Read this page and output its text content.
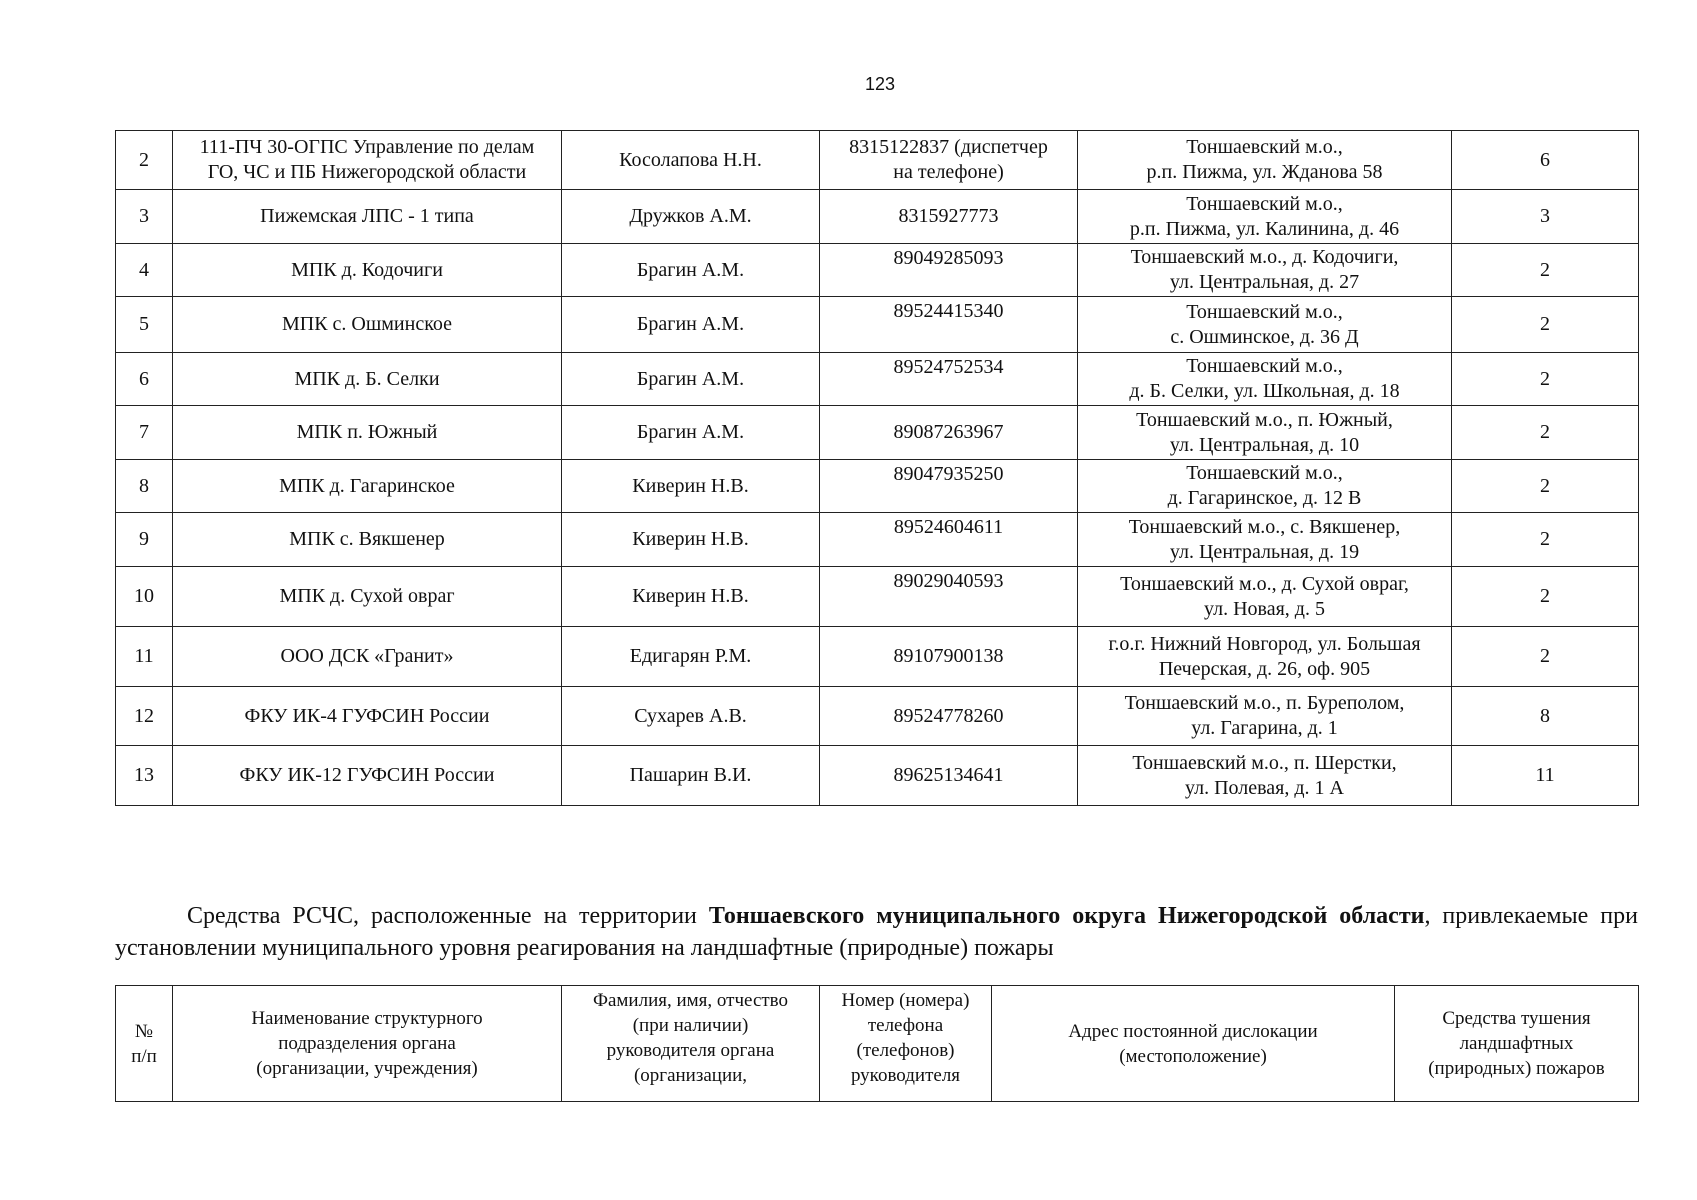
123
2	111-ПЧ 30-ОГПС Управление по делам
ГО, ЧС и ПБ Нижегородской области	Косолапова Н.Н.	8315122837 (диспетчер
на телефоне)	Тоншаевский м.о.,
р.п. Пижма, ул. Жданова 58	6
3	Пижемская ЛПС - 1 типа	Дружков А.М.	8315927773	Тоншаевский м.о.,
р.п. Пижма, ул. Калинина, д. 46	3
4	МПК д. Кодочиги	Брагин А.М.	89049285093	Тоншаевский м.о., д. Кодочиги,
ул. Центральная, д. 27	2
5	МПК с. Ошминское	Брагин А.М.	89524415340	Тоншаевский м.о.,
с. Ошминское, д. 36 Д	2
6	МПК д. Б. Селки	Брагин А.М.	89524752534	Тоншаевский м.о.,
д. Б. Селки, ул. Школьная, д. 18	2
7	МПК п. Южный	Брагин А.М.	89087263967	Тоншаевский м.о., п. Южный,
ул. Центральная, д. 10	2
8	МПК д. Гагаринское	Киверин Н.В.	89047935250	Тоншаевский м.о.,
д. Гагаринское, д. 12 В	2
9	МПК с. Вякшенер	Киверин Н.В.	89524604611	Тоншаевский м.о., с. Вякшенер,
ул. Центральная, д. 19	2
10	МПК д. Сухой овраг	Киверин Н.В.	89029040593	Тоншаевский м.о., д. Сухой овраг,
ул. Новая, д. 5	2
11	ООО ДСК «Гранит»	Едигарян Р.М.	89107900138	г.о.г. Нижний Новгород, ул. Большая
Печерская, д. 26, оф. 905	2
12	ФКУ ИК-4 ГУФСИН России	Сухарев А.В.	89524778260	Тоншаевский м.о., п. Буреполом,
ул. Гагарина, д. 1	8
13	ФКУ ИК-12 ГУФСИН России	Пашарин В.И.	89625134641	Тоншаевский м.о., п. Шерстки,
ул. Полевая, д. 1 А	11
Средства РСЧС, расположенные на территории Тоншаевского муниципального округа Нижегородской области, привлекаемые при установлении муниципального уровня реагирования на ландшафтные (природные) пожары
№
п/п

Наименование структурного
подразделения органа
(организации, учреждения)

Фамилия, имя, отчество
(при наличии)
руководителя органа
(организации,

Номер (номера)
телефона
(телефонов)
руководителя

Адрес постоянной дислокации
(местоположение)

Средства тушения
ландшафтных
(природных) пожаров
